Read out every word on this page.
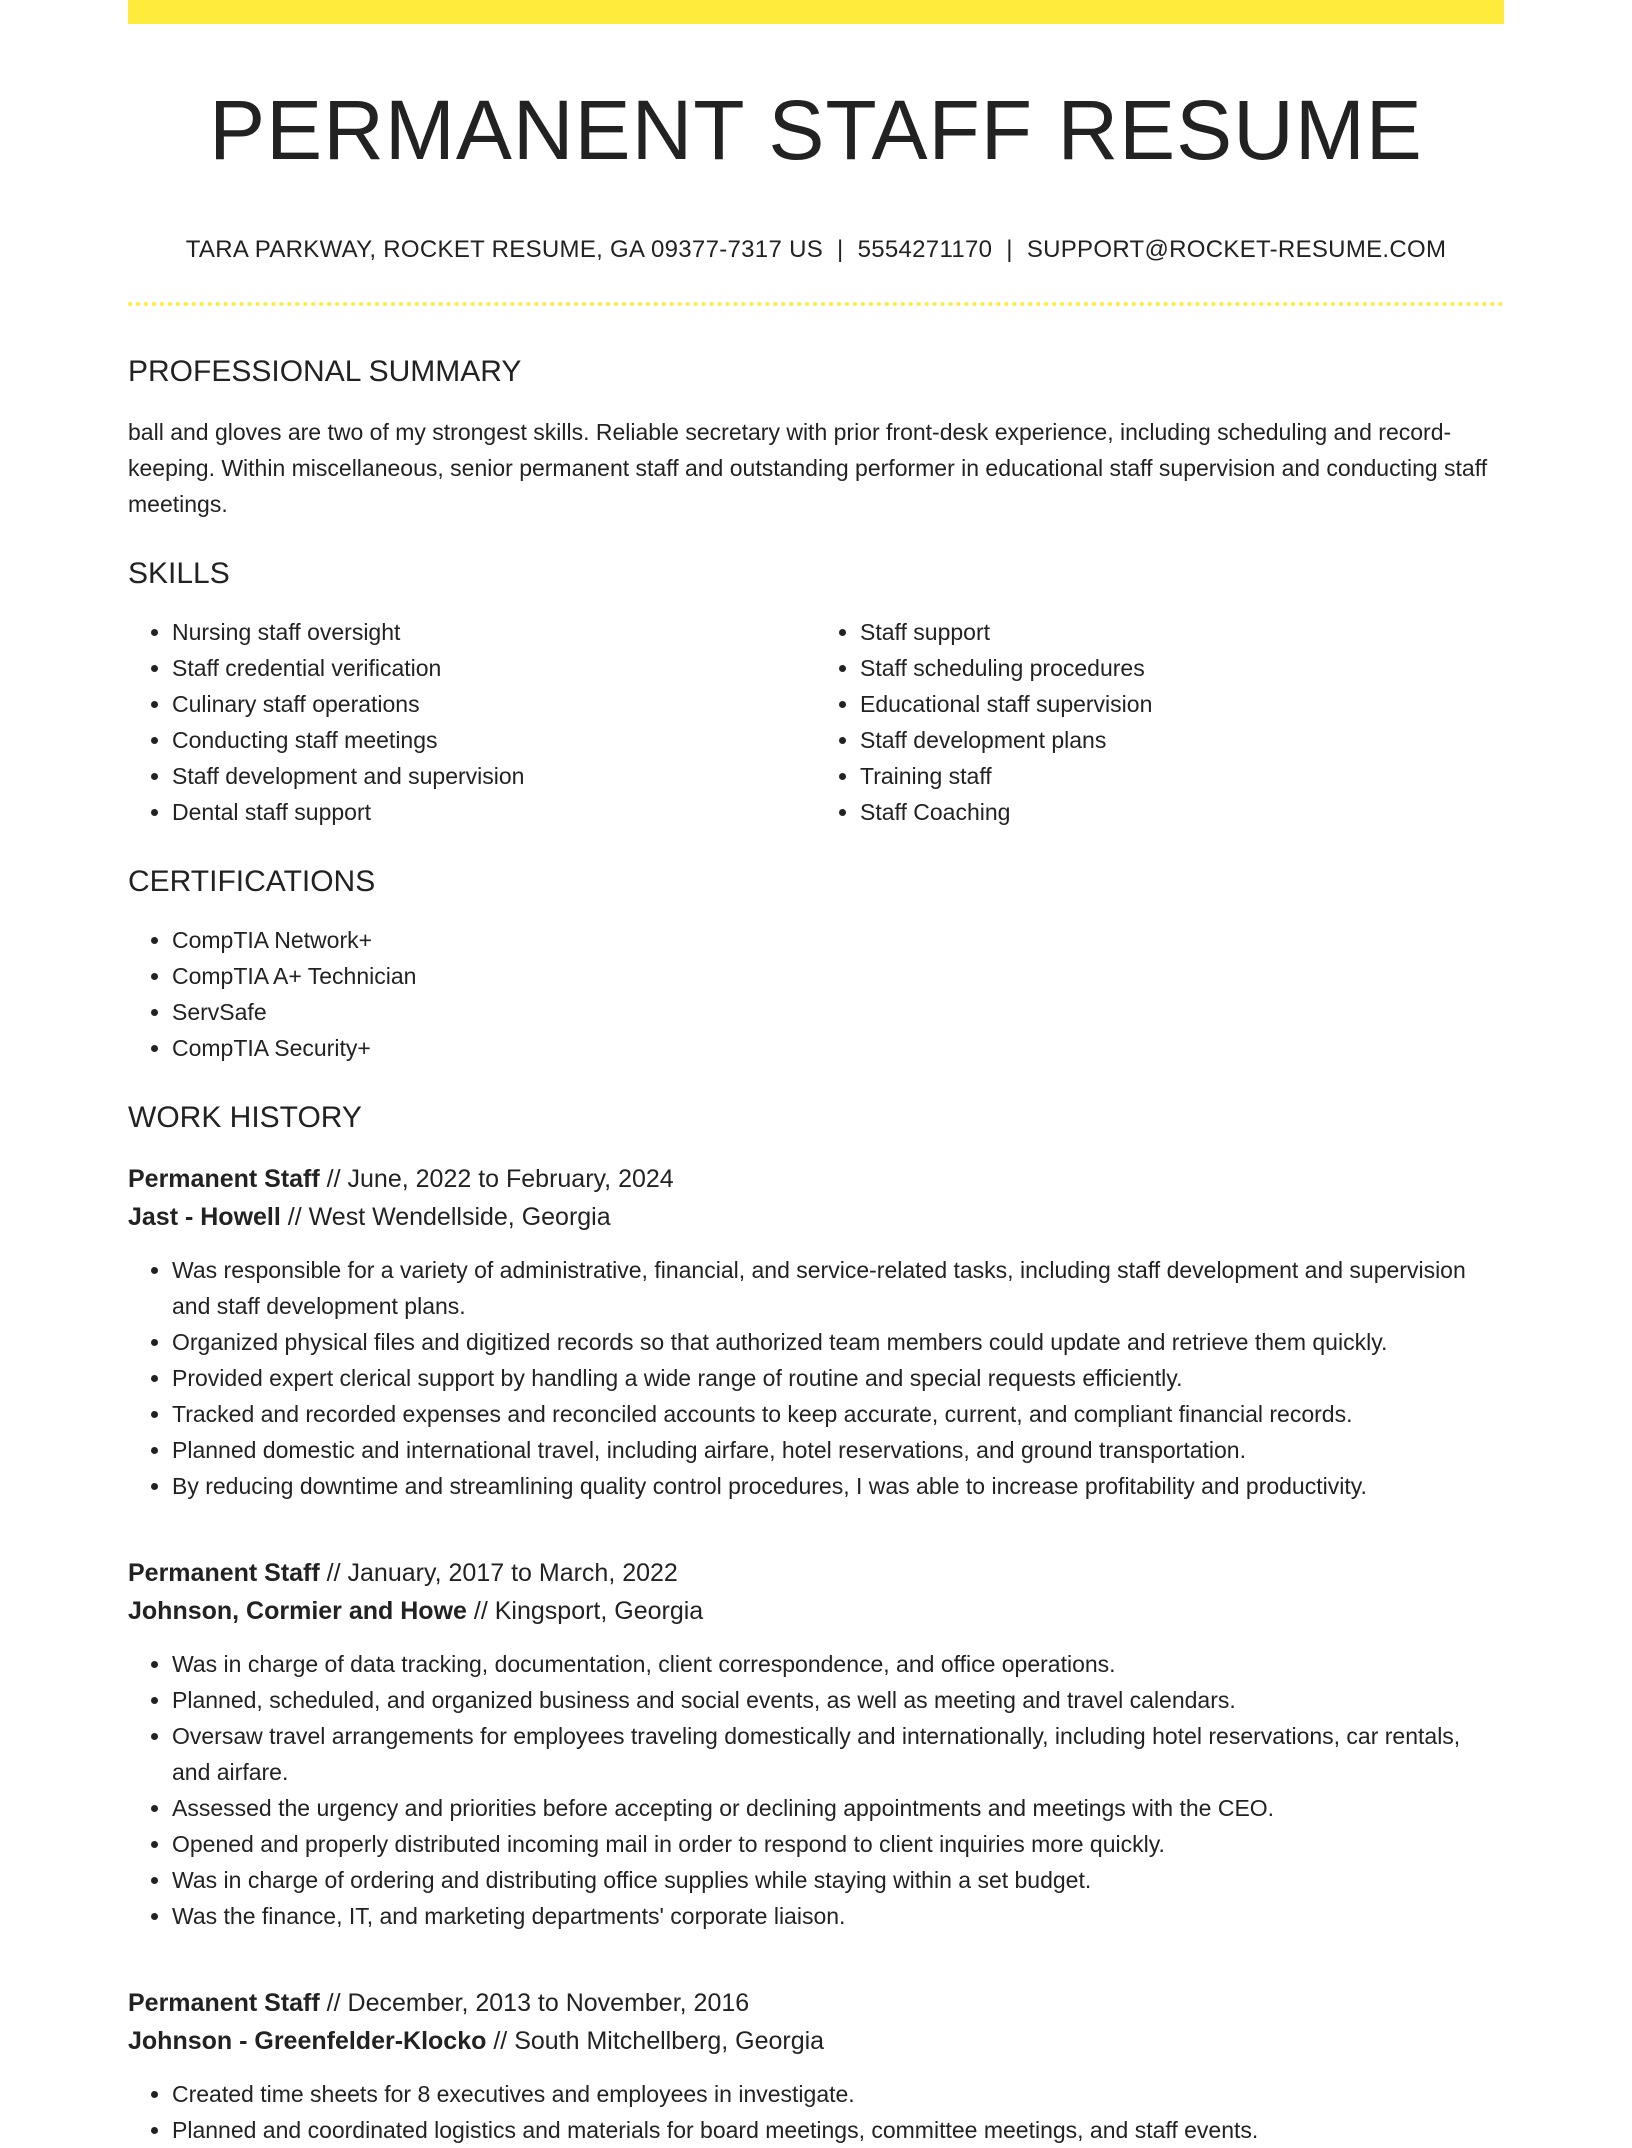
PERMANENT STAFF RESUME
TARA PARKWAY, ROCKET RESUME, GA 09377-7317 US | 5554271170 | SUPPORT@ROCKET-RESUME.COM
PROFESSIONAL SUMMARY
ball and gloves are two of my strongest skills. Reliable secretary with prior front-desk experience, including scheduling and record-keeping. Within miscellaneous, senior permanent staff and outstanding performer in educational staff supervision and conducting staff meetings.
SKILLS
• Nursing staff oversight
• Staff credential verification
• Culinary staff operations
• Conducting staff meetings
• Staff development and supervision
• Dental staff support
• Staff support
• Staff scheduling procedures
• Educational staff supervision
• Staff development plans
• Training staff
• Staff Coaching
CERTIFICATIONS
• CompTIA Network+
• CompTIA A+ Technician
• ServSafe
• CompTIA Security+
WORK HISTORY
Permanent Staff // June, 2022 to February, 2024
Jast - Howell // West Wendellside, Georgia
• Was responsible for a variety of administrative, financial, and service-related tasks, including staff development and supervision and staff development plans.
• Organized physical files and digitized records so that authorized team members could update and retrieve them quickly.
• Provided expert clerical support by handling a wide range of routine and special requests efficiently.
• Tracked and recorded expenses and reconciled accounts to keep accurate, current, and compliant financial records.
• Planned domestic and international travel, including airfare, hotel reservations, and ground transportation.
• By reducing downtime and streamlining quality control procedures, I was able to increase profitability and productivity.
Permanent Staff // January, 2017 to March, 2022
Johnson, Cormier and Howe // Kingsport, Georgia
• Was in charge of data tracking, documentation, client correspondence, and office operations.
• Planned, scheduled, and organized business and social events, as well as meeting and travel calendars.
• Oversaw travel arrangements for employees traveling domestically and internationally, including hotel reservations, car rentals, and airfare.
• Assessed the urgency and priorities before accepting or declining appointments and meetings with the CEO.
• Opened and properly distributed incoming mail in order to respond to client inquiries more quickly.
• Was in charge of ordering and distributing office supplies while staying within a set budget.
• Was the finance, IT, and marketing departments' corporate liaison.
Permanent Staff // December, 2013 to November, 2016
Johnson - Greenfelder-Klocko // South Mitchellberg, Georgia
• Created time sheets for 8 executives and employees in investigate.
• Planned and coordinated logistics and materials for board meetings, committee meetings, and staff events.
